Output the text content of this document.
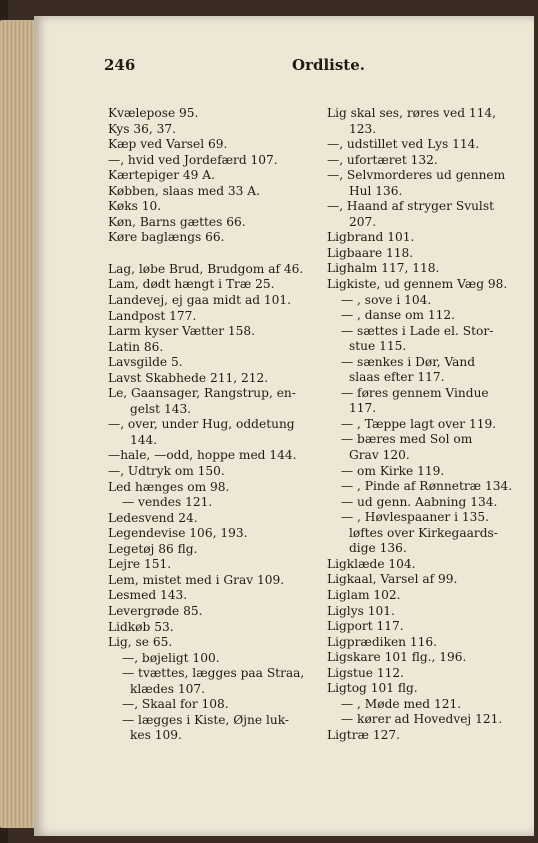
246	Ordliste.
Kvælepose 95.
Kys 36, 37.
Kæp ved Varsel 69.
—, hvid ved Jordefærd 107.
Kærtepiger 49 A.
Købben, slaas med 33 A.
Køks 10.
Køn, Barns gættes 66.
Køre baglængs 66.
Lag, løbe Brud, Brudgom af 46.
Lam, dødt hængt i Træ 25.
Landevej, ej gaa midt ad 101.
Landpost 177.
Larm kyser Vætter 158.
Latin 86.
Lavsgilde 5.
Lavst Skabhede 211, 212.
Le, Gaansager, Rangstrup, en-
gelst 143.
—, over, under Hug, oddetung
144.
—hale, —odd, hoppe med 144.
—, Udtryk om 150.
Led hænges om 98.
— vendes 121.
Ledesvend 24.
Legendevise 106, 193.
Legetøj 86 flg.
Lejre 151.
Lem, mistet med i Grav 109.
Lesmed 143.
Levergrøde 85.
Lidkøb 53.
Lig, se 65.
—, bøjeligt 100.
— tvættes, lægges paa Straa,
klædes 107.
—, Skaal for 108.
— lægges i Kiste, Øjne luk-
kes 109.
Lig skal ses, røres ved 114,
123.
—, udstillet ved Lys 114.
—, ufortæret 132.
—, Selvmorderes ud gennem
Hul 136.
—, Haand af stryger Svulst
207.
Ligbrand 101.
Ligbaare 118.
Lighalm 117, 118.
Ligkiste, ud gennem Væg 98.
— , sove i 104.
— , danse om 112.
— sættes i Lade el. Stor-
stue 115.
— sænkes i Dør, Vand
slaas efter 117.
— føres gennem Vindue
117.
— , Tæppe lagt over 119.
— bæres med Sol om
Grav 120.
— om Kirke 119.
— , Pinde af Rønnetræ 134.
— ud genn. Aabning 134.
— , Høvlespaaner i 135.
løftes over Kirkegaards-
dige 136.
Ligklæde 104.
Ligkaal, Varsel af 99.
Liglam 102.
Liglys 101.
Ligport 117.
Ligprædiken 116.
Ligskare 101 flg., 196.
Ligstue 112.
Ligtog 101 flg.
— , Møde med 121.
— kører ad Hovedvej 121.
Ligtræ 127.
